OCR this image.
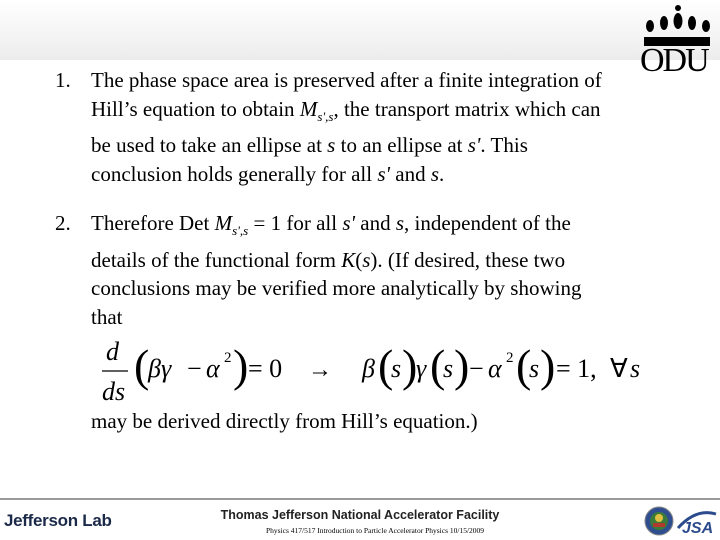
ODU
1. The phase space area is preserved after a finite integration of
Hill’s equation to obtain $M_{s',s}$, the transport matrix which can
be used to take an ellipse at s to an ellipse at s'. This
conclusion holds generally for all s' and s.
2. Therefore Det $M_{s',s} = 1$ for all s' and s, independent of the
details of the functional form K(s). (If desired, these two
conclusions may be verified more analytically by showing
that
d
ds
(
βγ − α 2 ) = 0 → β (
s )
γ (
s ) − α 2 (
s ) = 1, ∀ s
may be derived directly from Hill’s equation.)
Thomas Jefferson National Accelerator Facility
Physics 417/517 Introduction to Particle Accelerator Physics 10/15/2009
Jefferson Lab	JSA
